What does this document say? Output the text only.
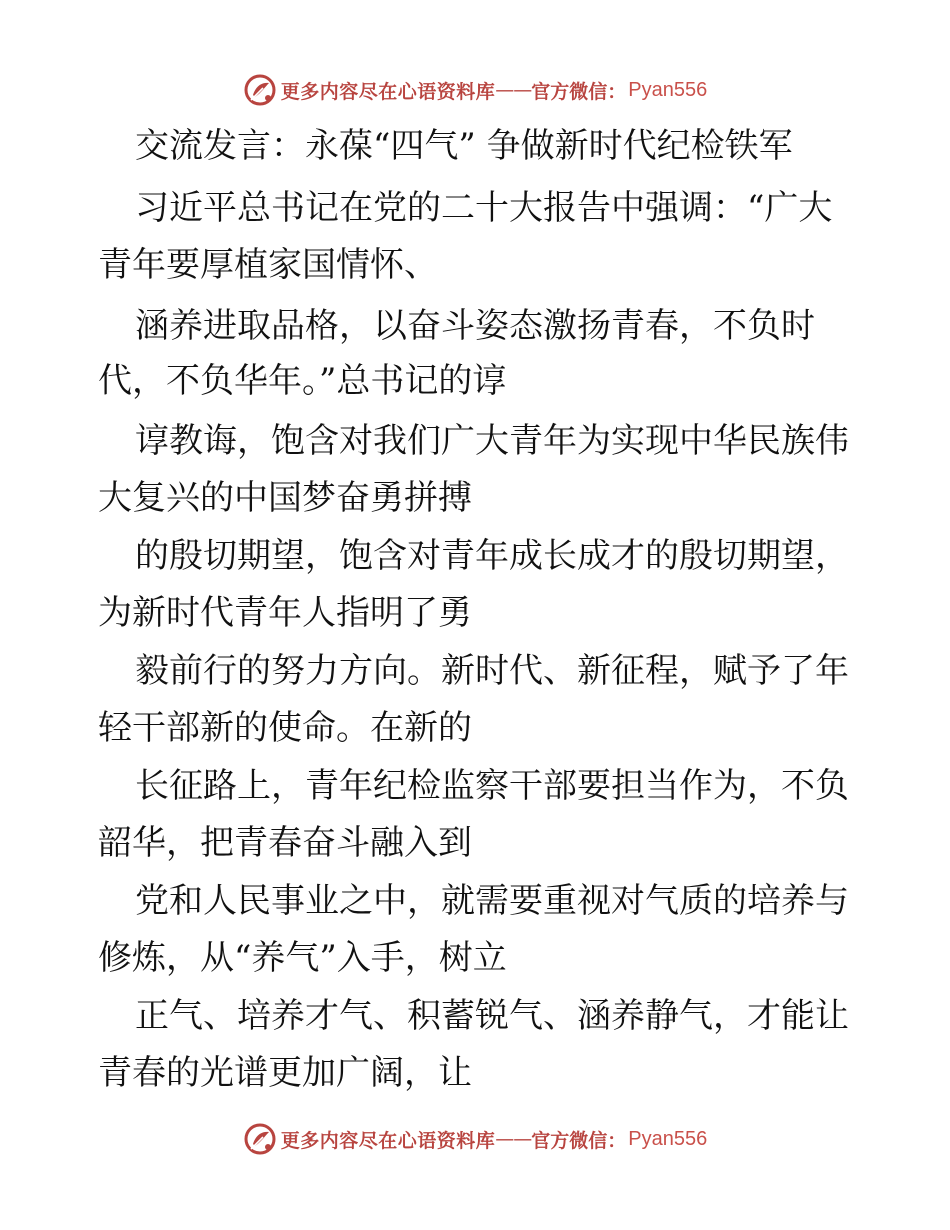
更多内容尽在心语资料库 —— 官方微信： Pyan556
交流发言：永葆“四气” 争做新时代纪检铁军
习近平总书记在党的二十大报告中强调：“广大
青年要厚植家国情怀、
涵养进取品格，以奋斗姿态激扬青春，不负时
代，不负华年。”总书记的谆
谆教诲，饱含对我们广大青年为实现中华民族伟
大复兴的中国梦奋勇拼搏
的殷切期望，饱含对青年成长成才的殷切期望，
为新时代青年人指明了勇
毅前行的努力方向。新时代、新征程，赋予了年
轻干部新的使命。在新的
长征路上，青年纪检监察干部要担当作为，不负
韶华，把青春奋斗融入到
党和人民事业之中，就需要重视对气质的培养与
修炼，从“养气”入手，树立
正气、培养才气、积蓄锐气、涵养静气，才能让
青春的光谱更加广阔，让
更多内容尽在心语资料库 —— 官方微信： Pyan556
